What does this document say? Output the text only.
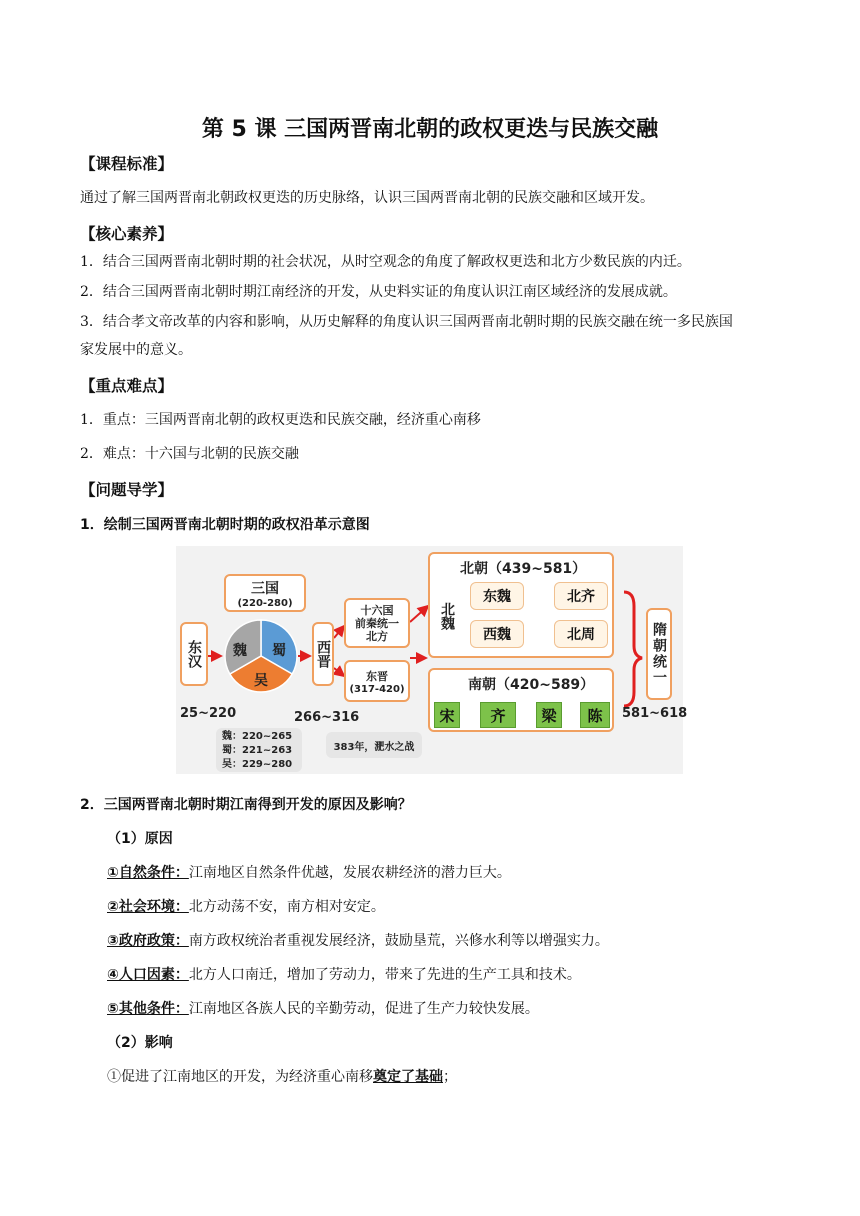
第 5 课 三国两晋南北朝的政权更迭与民族交融
【课程标准】
通过了解三国两晋南北朝政权更迭的历史脉络，认识三国两晋南北朝的民族交融和区域开发。
【核心素养】
1．结合三国两晋南北朝时期的社会状况，从时空观念的角度了解政权更迭和北方少数民族的内迁。
2．结合三国两晋南北朝时期江南经济的开发，从史料实证的角度认识江南区域经济的发展成就。
3．结合孝文帝改革的内容和影响，从历史解释的角度认识三国两晋南北朝时期的民族交融在统一多民族国
家发展中的意义。
【重点难点】
1．重点：三国两晋南北朝的政权更迭和民族交融，经济重心南移
2．难点：十六国与北朝的民族交融
【问题导学】
1．绘制三国两晋南北朝时期的政权沿革示意图
东汉
25~220
三国
(220-280)
魏 蜀
吴
魏：220~265
蜀：221~263
吴：229~280
西晋
266~316
十六国
前秦统一
北方
东晋
(317-420)
383年，淝水之战
北朝（439~581）
北魏
东魏	北齐
西魏	北周
南朝（420~589）
宋	齐	梁	陈
隋朝统一
581~618
2．三国两晋南北朝时期江南得到开发的原因及影响？
（1）原因
①自然条件：江南地区自然条件优越，发展农耕经济的潜力巨大。
②社会环境：北方动荡不安，南方相对安定。
③政府政策：南方政权统治者重视发展经济，鼓励垦荒，兴修水利等以增强实力。
④人口因素：北方人口南迁，增加了劳动力，带来了先进的生产工具和技术。
⑤其他条件：江南地区各族人民的辛勤劳动，促进了生产力较快发展。
（2）影响
①促进了江南地区的开发，为经济重心南移奠定了基础；
